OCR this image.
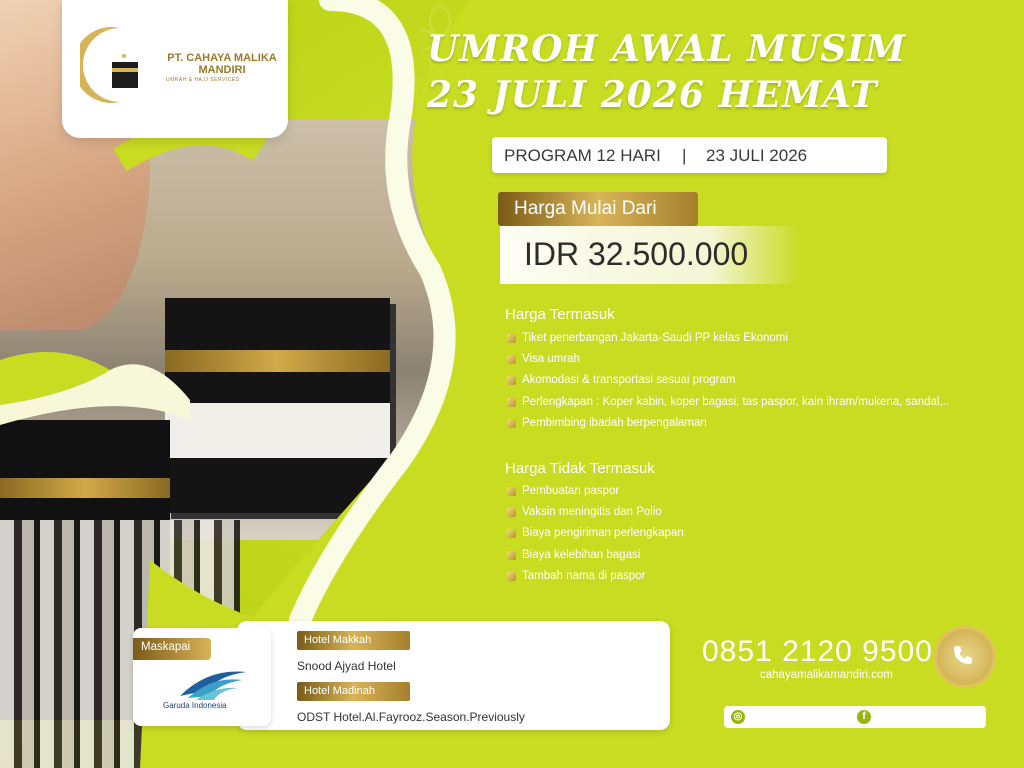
PT. CAHAYA MALIKA MANDIRI
UMRAH & HAJJ SERVICES
UMROH AWAL MUSIM 23 JULI 2026 HEMAT
PROGRAM 12 HARI | 23 JULI 2026
IDR 32.500.000
Harga Mulai Dari
Harga Termasuk
Tiket penerbangan Jakarta-Saudi PP kelas Ekonomi
Visa umrah
Akomodasi & transportasi sesuai program
Perlengkapan : Koper kabin, koper bagasi, tas paspor, kain ihram/mukena, sandal,..
Pembimbing ibadah berpengalaman
Harga Tidak Termasuk
Pembuatan paspor
Vaksin meningitis dan Polio
Biaya pengiriman perlengkapan
Biaya kelebihan bagasi
Tambah nama di paspor
Hotel Makkah
Snood Ajyad Hotel
Hotel Madinah
ODST Hotel.Al.Fayrooz.Season.Previously
Maskapai
Garuda Indonesia
0851 2120 9500
cahayamalikamandiri.com
◎	f
